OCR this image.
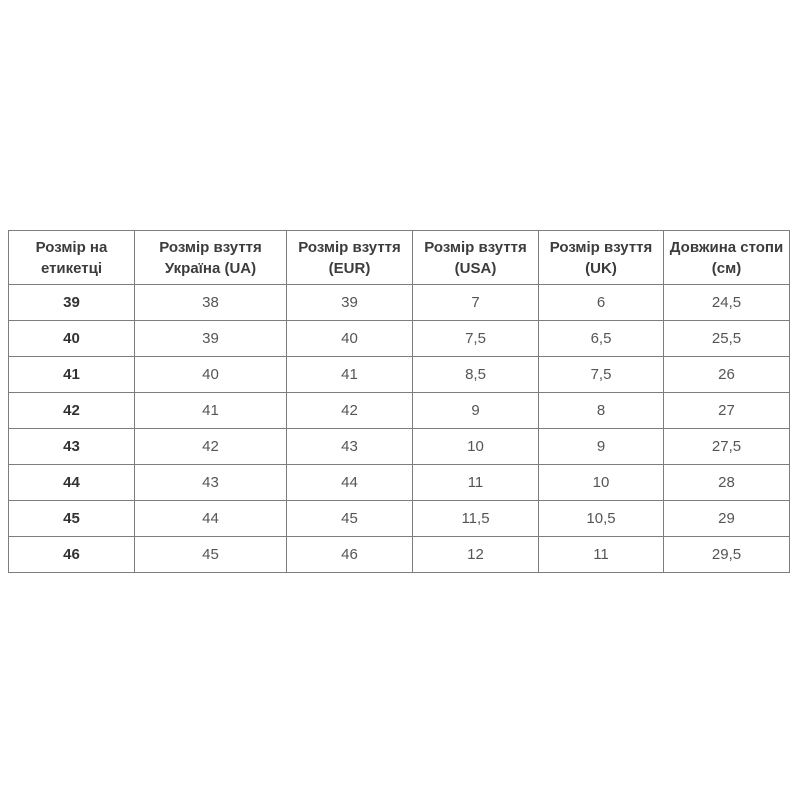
Розмір на етикетці	Розмір взуття Україна (UA)	Розмір взуття (EUR)	Розмір взуття (USA)	Розмір взуття (UK)	Довжина стопи (см)
39	38	39	7	6	24,5
40	39	40	7,5	6,5	25,5
41	40	41	8,5	7,5	26
42	41	42	9	8	27
43	42	43	10	9	27,5
44	43	44	11	10	28
45	44	45	11,5	10,5	29
46	45	46	12	11	29,5
